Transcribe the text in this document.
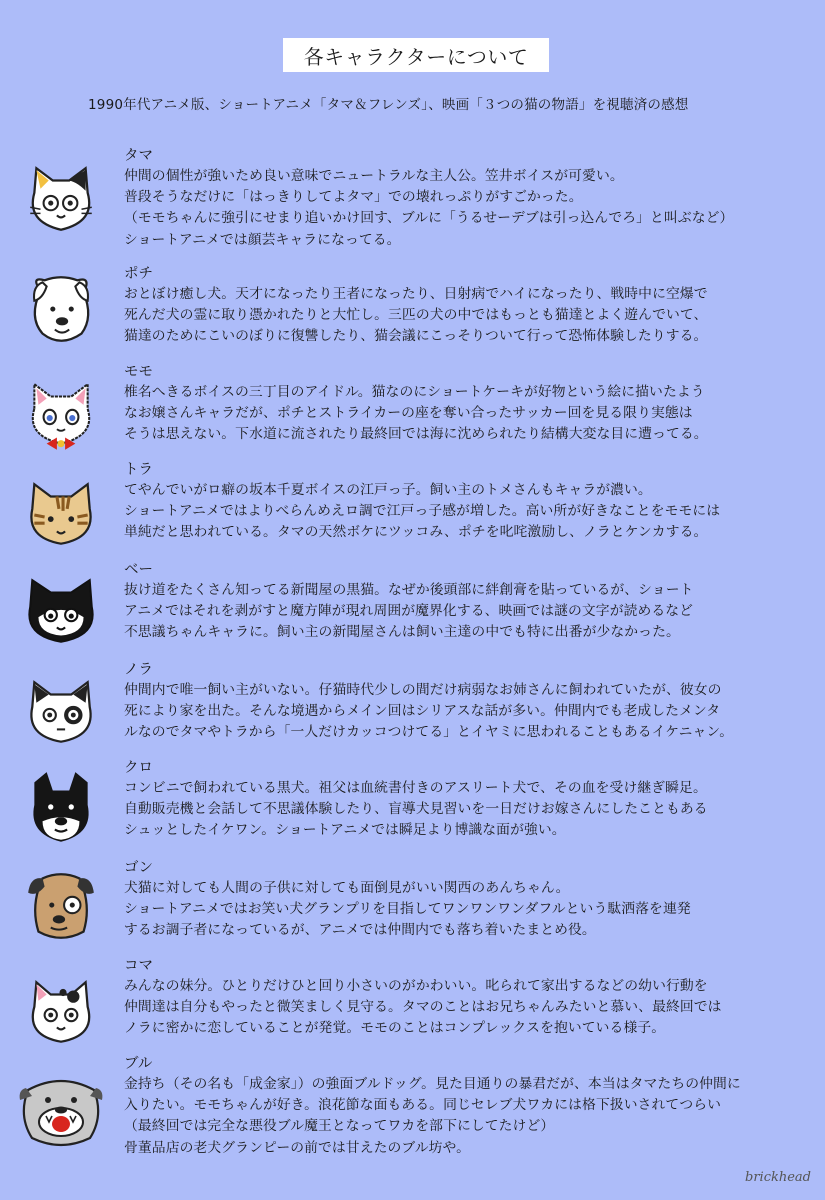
各キャラクターについて
1990年代アニメ版、ショートアニメ「タマ＆フレンズ」、映画「３つの猫の物語」を視聴済の感想
タマ
仲間の個性が強いため良い意味でニュートラルな主人公。笠井ボイスが可愛い。
普段そうなだけに「はっきりしてよタマ」での壊れっぷりがすごかった。
（モモちゃんに強引にせまり追いかけ回す、ブルに「うるせーデブは引っ込んでろ」と叫ぶなど）
ショートアニメでは顔芸キャラになってる。
ポチ
おとぼけ癒し犬。天才になったり王者になったり、日射病でハイになったり、戦時中に空爆で
死んだ犬の霊に取り憑かれたりと大忙し。三匹の犬の中ではもっとも猫達とよく遊んでいて、
猫達のためにこいのぼりに復讐したり、猫会議にこっそりついて行って恐怖体験したりする。
モモ
椎名へきるボイスの三丁目のアイドル。猫なのにショートケーキが好物という絵に描いたよう
なお嬢さんキャラだが、ポチとストライカーの座を奪い合ったサッカー回を見る限り実態は
そうは思えない。下水道に流されたり最終回では海に沈められたり結構大変な目に遭ってる。
トラ
てやんでいがロ癖の坂本千夏ボイスの江戸っ子。飼い主のトメさんもキャラが濃い。
ショートアニメではよりべらんめえロ調で江戸っ子感が増した。高い所が好きなことをモモには
単純だと思われている。タマの天然ボケにツッコみ、ポチを叱咤激励し、ノラとケンカする。
ベー
抜け道をたくさん知ってる新聞屋の黒猫。なぜか後頭部に絆創膏を貼っているが、ショート
アニメではそれを剥がすと魔方陣が現れ周囲が魔界化する、映画では謎の文字が読めるなど
不思議ちゃんキャラに。飼い主の新聞屋さんは飼い主達の中でも特に出番が少なかった。
ノラ
仲間内で唯一飼い主がいない。仔猫時代少しの間だけ病弱なお姉さんに飼われていたが、彼女の
死により家を出た。そんな境遇からメイン回はシリアスな話が多い。仲間内でも老成したメンタ
ルなのでタマやトラから「一人だけカッコつけてる」とイヤミに思われることもあるイケニャン。
クロ
コンビニで飼われている黒犬。祖父は血統書付きのアスリート犬で、その血を受け継ぎ瞬足。
自動販売機と会話して不思議体験したり、盲導犬見習いを一日だけお嫁さんにしたこともある
シュッとしたイケワン。ショートアニメでは瞬足より博識な面が強い。
ゴン
犬猫に対しても人間の子供に対しても面倒見がいい関西のあんちゃん。
ショートアニメではお笑い犬グランプリを目指してワンワンワンダフルという駄洒落を連発
するお調子者になっているが、アニメでは仲間内でも落ち着いたまとめ役。
コマ
みんなの妹分。ひとりだけひと回り小さいのがかわいい。叱られて家出するなどの幼い行動を
仲間達は自分もやったと微笑ましく見守る。タマのことはお兄ちゃんみたいと慕い、最終回では
ノラに密かに恋していることが発覚。モモのことはコンプレックスを抱いている様子。
ブル
金持ち（その名も「成金家」）の強面ブルドッグ。見た目通りの暴君だが、本当はタマたちの仲間に
入りたい。モモちゃんが好き。浪花節な面もある。同じセレブ犬ワカには格下扱いされてつらい
（最終回では完全な悪役ブル魔王となってワカを部下にしてたけど）
骨董品店の老犬グランピーの前では甘えたのブル坊や。
brickhead
